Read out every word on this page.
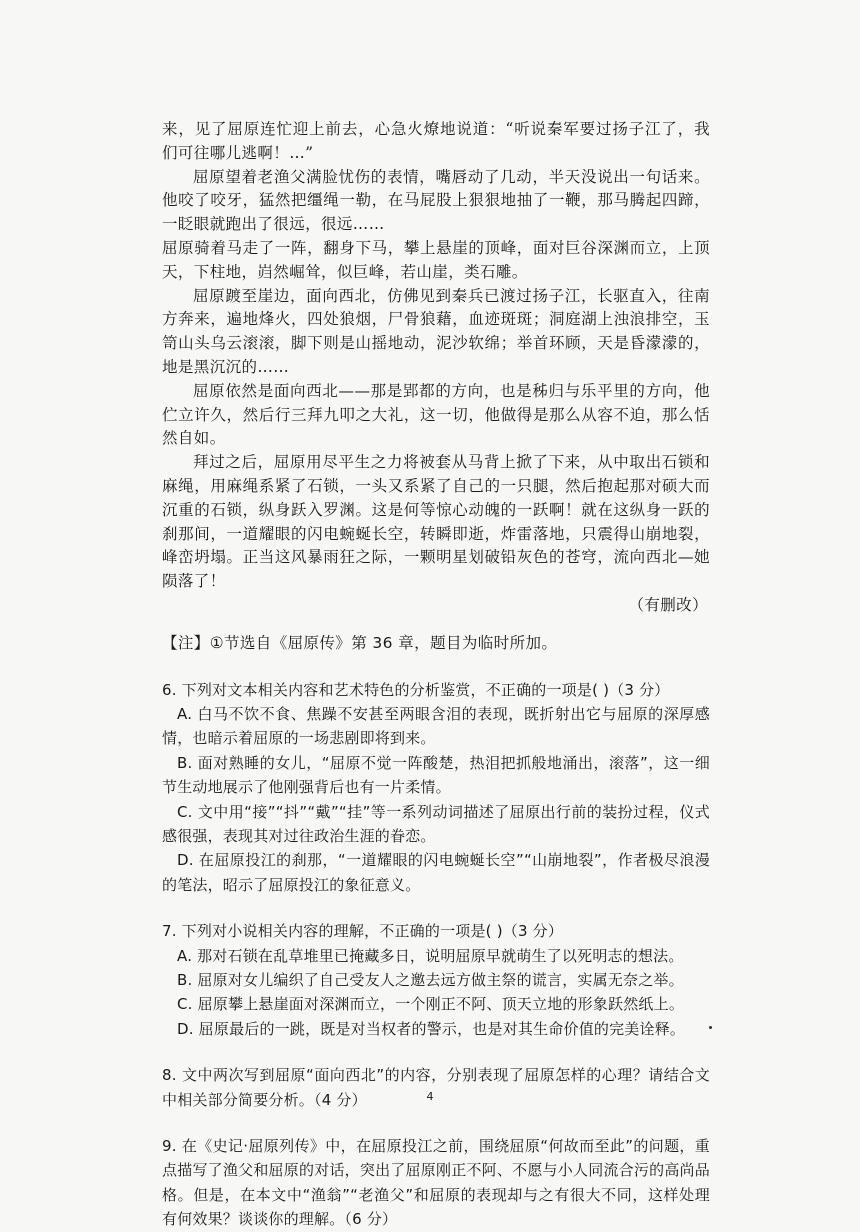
来，见了屈原连忙迎上前去，心急火燎地说道：“听说秦军要过扬子江了，我们可往哪儿逃啊！…”

屈原望着老渔父满脸忧伤的表情，嘴唇动了几动，半天没说出一句话来。他咬了咬牙，猛然把缰绳一勒，在马屁股上狠狠地抽了一鞭，那马腾起四蹄，一眨眼就跑出了很远，很远……

屈原骑着马走了一阵，翻身下马，攀上悬崖的顶峰，面对巨谷深渊而立，上顶天，下柱地，岿然崛耸，似巨峰，若山崖，类石雕。

屈原踱至崖边，面向西北，仿佛见到秦兵已渡过扬子江，长驱直入，往南方奔来，遍地烽火，四处狼烟，尸骨狼藉，血迹斑斑；洞庭湖上浊浪排空，玉笥山头乌云滚滚，脚下则是山摇地动，泥沙软绵；举首环顾，天是昏濛濛的，地是黑沉沉的……

屈原依然是面向西北——那是郢都的方向，也是秭归与乐平里的方向，他伫立许久，然后行三拜九叩之大礼，这一切，他做得是那么从容不迫，那么恬然自如。

拜过之后，屈原用尽平生之力将被套从马背上掀了下来，从中取出石锁和麻绳，用麻绳系紧了石锁，一头又系紧了自己的一只腿，然后抱起那对硕大而沉重的石锁，纵身跃入罗渊。这是何等惊心动魄的一跃啊！就在这纵身一跃的刹那间，一道耀眼的闪电蜿蜒长空，转瞬即逝，炸雷落地，只震得山崩地裂，峰峦坍塌。正当这风暴雨狂之际，一颗明星划破铅灰色的苍穹，流向西北—她陨落了！

（有删改）

【注】①节选自《屈原传》第 36 章，题目为临时所加。

6. 下列对文本相关内容和艺术特色的分析鉴赏，不正确的一项是( )（3 分）

A. 白马不饮不食、焦躁不安甚至两眼含泪的表现，既折射出它与屈原的深厚感情，也暗示着屈原的一场悲剧即将到来。

B. 面对熟睡的女儿，“屈原不觉一阵酸楚，热泪把抓般地涌出，滚落”，这一细节生动地展示了他刚强背后也有一片柔情。

C. 文中用“接”“抖”“戴”“挂”等一系列动词描述了屈原出行前的装扮过程，仪式感很强，表现其对过往政治生涯的眷恋。

D. 在屈原投江的刹那，“一道耀眼的闪电蜿蜒长空”“山崩地裂”，作者极尽浪漫的笔法，昭示了屈原投江的象征意义。

7. 下列对小说相关内容的理解，不正确的一项是( )（3 分）

A. 那对石锁在乱草堆里已掩藏多日，说明屈原早就萌生了以死明志的想法。

B. 屈原对女儿编织了自己受友人之邀去远方做主祭的谎言，实属无奈之举。

C. 屈原攀上悬崖面对深渊而立，一个刚正不阿、顶天立地的形象跃然纸上。

D. 屈原最后的一跳，既是对当权者的警示，也是对其生命价值的完美诠释。

8. 文中两次写到屈原“面向西北”的内容，分别表现了屈原怎样的心理？请结合文中相关部分简要分析。（4 分）

9. 在《史记·屈原列传》中，在屈原投江之前，围绕屈原“何故而至此”的问题，重点描写了渔父和屈原的对话，突出了屈原刚正不阿、不愿与小人同流合污的高尚品格。但是，在本文中“渔翁”“老渔父”和屈原的表现却与之有很大不同，这样处理有何效果？谈谈你的理解。（6 分）

4
